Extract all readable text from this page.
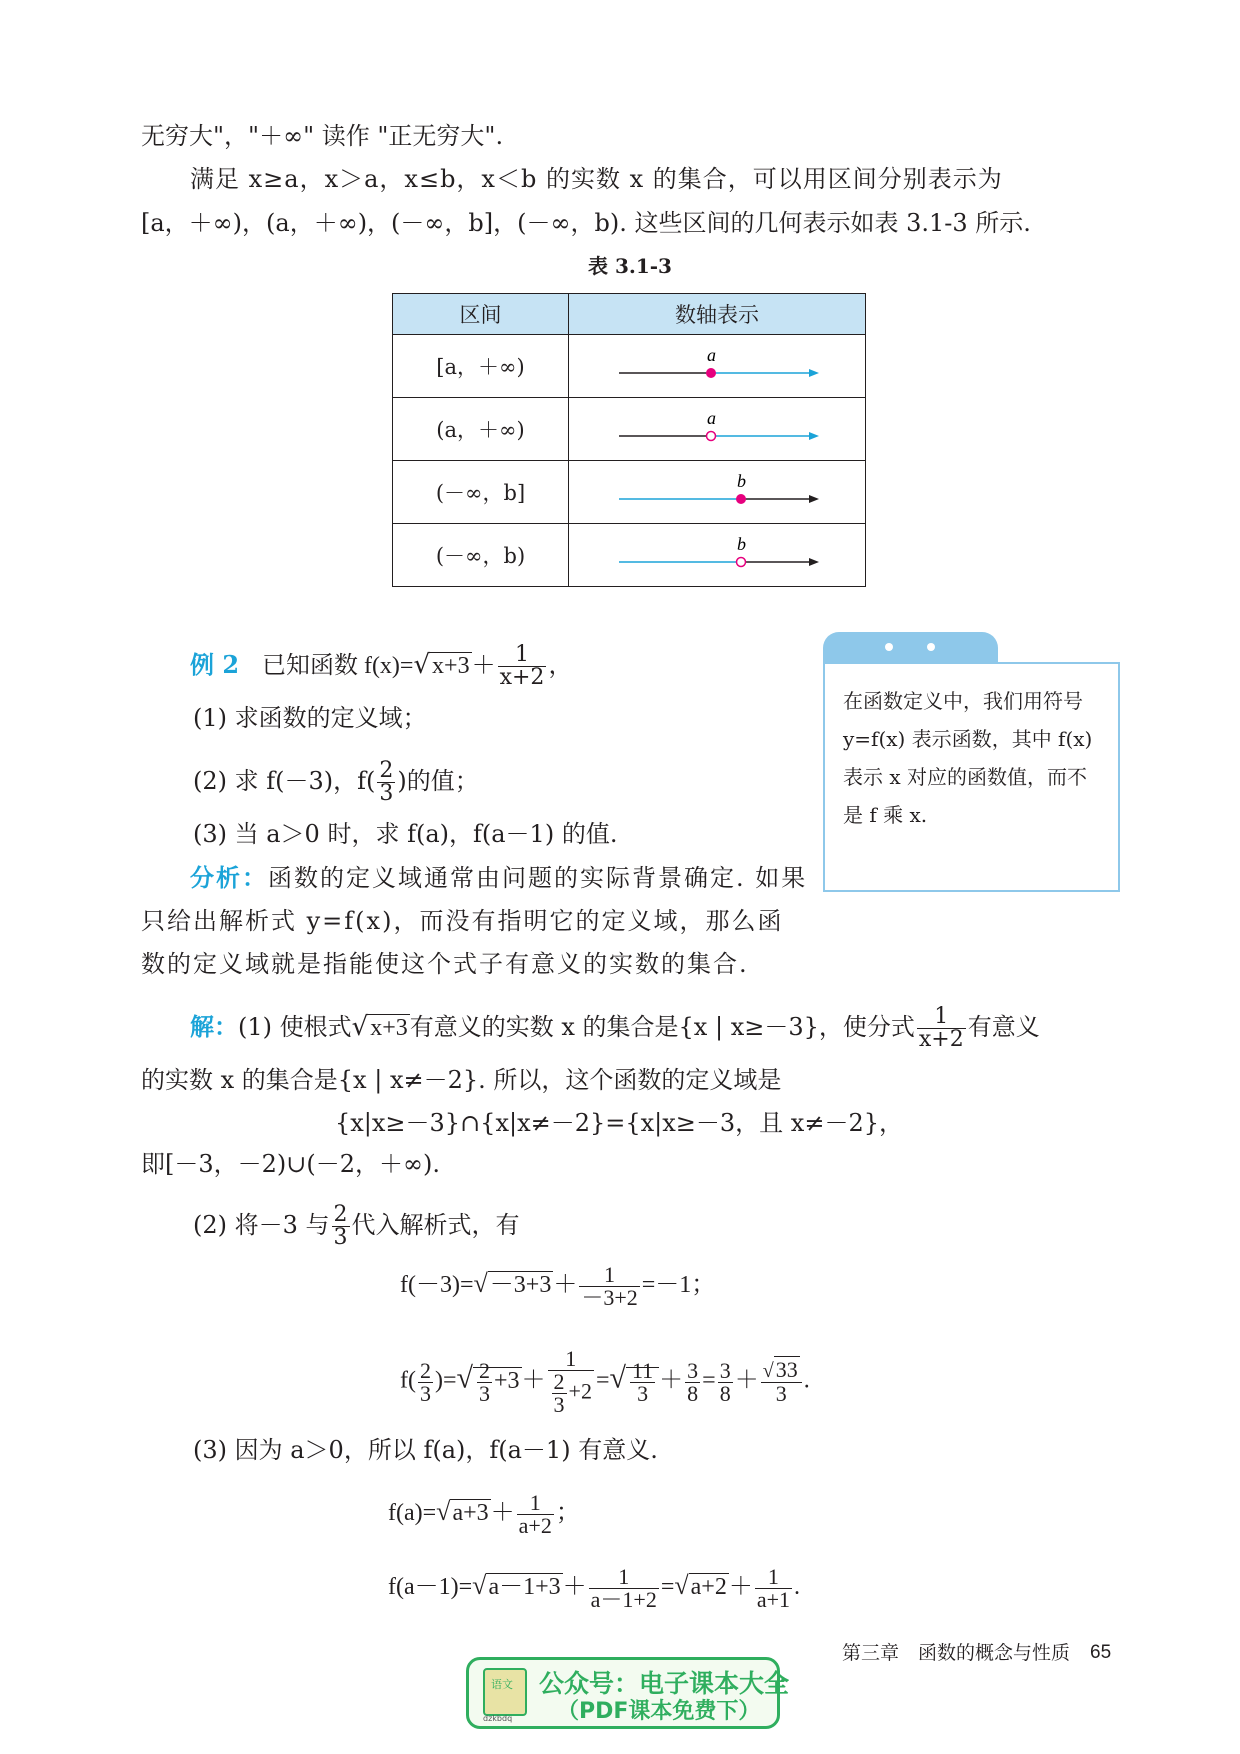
无穷大"，"＋∞" 读作 "正无穷大".
满足 x≥a，x＞a，x≤b，x＜b 的实数 x 的集合，可以用区间分别表示为
[a，＋∞)，(a，＋∞)，(－∞，b]，(－∞，b). 这些区间的几何表示如表 3.1-3 所示.
表 3.1-3
区间	数轴表示
[a，＋∞)	a

(a，＋∞)	a

(－∞，b]	b

(－∞，b)	b
例 2 已知函数 $f(x)=√x+3+ \frac{1}{x+2}$ ，
(1) 求函数的定义域；
(2) 求 f(－3)，$f( \frac{2}{3}$ )的值；
(3) 当 a＞0 时，求 f(a)，f(a－1) 的值.
分析：函数的定义域通常由问题的实际背景确定. 如果
只给出解析式 y=f(x)，而没有指明它的定义域，那么函
数的定义域就是指能使这个式子有意义的实数的集合.
在函数定义中，我们用符号 y=f(x) 表示函数，其中 f(x) 表示 x 对应的函数值，而不是 f 乘 x.
解：(1) 使根式√x+3有意义的实数 x 的集合是{x | x≥－3}，使分式 $\frac{1}{x+2}$ 有意义
的实数 x 的集合是{x | x≠－2}. 所以，这个函数的定义域是
{x|x≥－3}∩{x|x≠－2}={x|x≥－3，且 x≠－2}，
即[－3，－2)∪(－2，＋∞).
(2) 将－3 与 $\frac{2}{3}$ 代入解析式，有
$f(-3)=√-3+3+ \frac{1}{-3+2} =-1$；
$f( \frac{2}{3}$ )=√ $\frac{2}{3} +3+ \frac{1}{\frac{2}{3} +2}$ =√ $\frac{11}{3} + \frac{3}{8} = \frac{3}{8} + \frac{√33}{3}$ .
(3) 因为 a＞0，所以 f(a)，f(a－1) 有意义.
$f(a)=√a+3+ \frac{1}{a+2}$ ；
$f(a-1)=√a-1+3+ \frac{1}{a-1+2} =√a+2+ \frac{1}{a+1}$ .
第三章　函数的概念与性质 65
语文
dzkbdq
公众号：电子课本大全
（PDF课本免费下）
